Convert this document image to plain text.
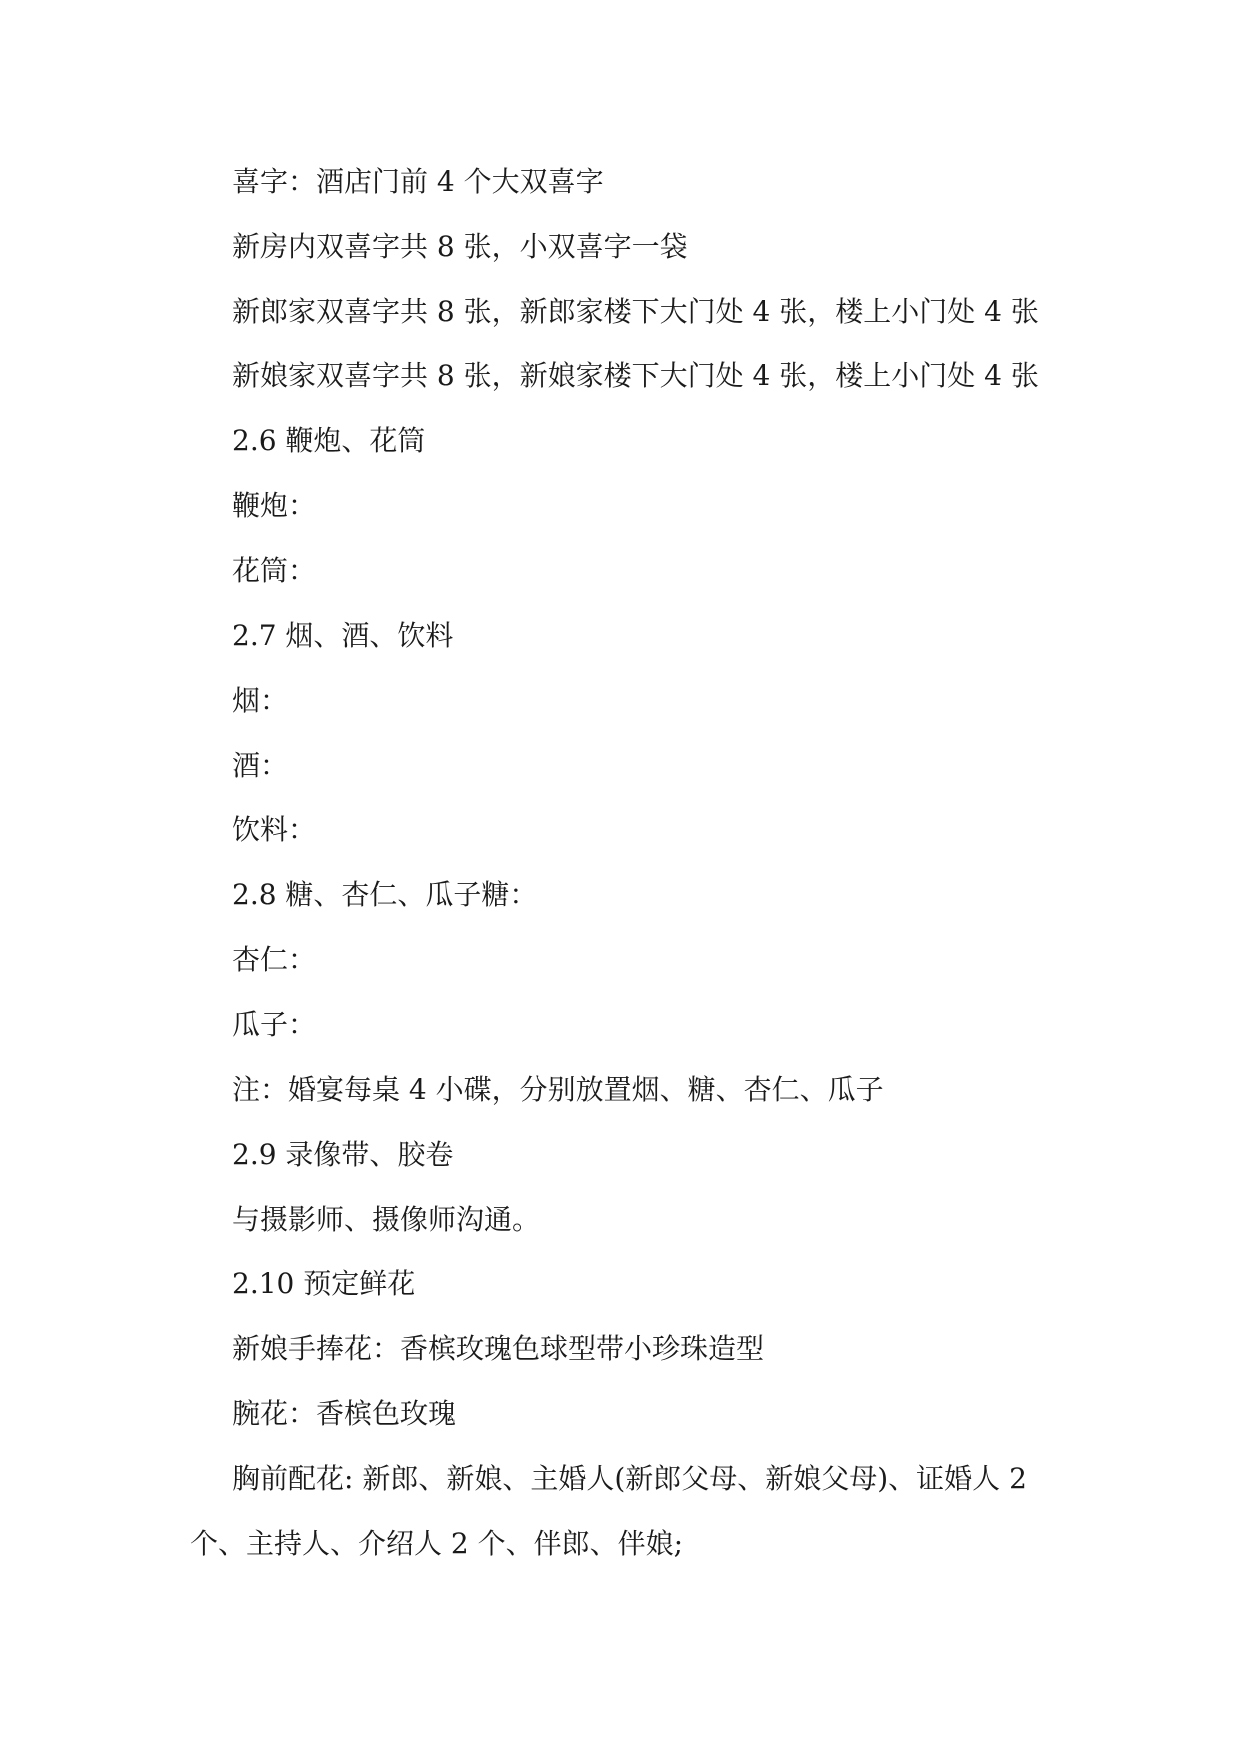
喜字：酒店门前 4 个大双喜字
新房内双喜字共 8 张，小双喜字一袋
新郎家双喜字共 8 张，新郎家楼下大门处 4 张，楼上小门处 4 张
新娘家双喜字共 8 张，新娘家楼下大门处 4 张，楼上小门处 4 张
2.6 鞭炮、花筒
鞭炮：
花筒：
2.7 烟、酒、饮料
烟：
酒：
饮料：
2.8 糖、杏仁、瓜子糖：
杏仁：
瓜子：
注：婚宴每桌 4 小碟，分别放置烟、糖、杏仁、瓜子
2.9 录像带、胶卷
与摄影师、摄像师沟通。
2.10 预定鲜花
新娘手捧花：香槟玫瑰色球型带小珍珠造型
腕花：香槟色玫瑰
胸前配花: 新郎、新娘、主婚人(新郎父母、新娘父母)、证婚人 2
个、主持人、介绍人 2 个、伴郎、伴娘;
